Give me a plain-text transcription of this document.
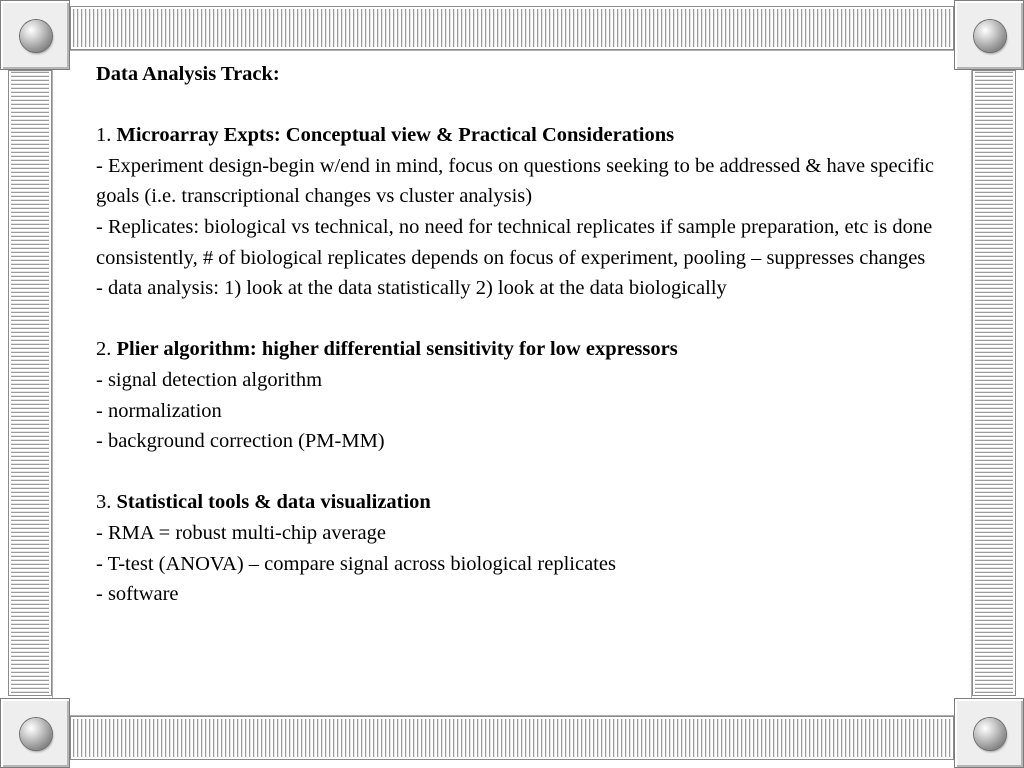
Data Analysis Track:

1. Microarray Expts: Conceptual view & Practical Considerations

- Experiment design-begin w/end in mind, focus on questions seeking to be addressed & have specific goals (i.e. transcriptional changes vs cluster analysis)

- Replicates: biological vs technical, no need for technical replicates if sample preparation, etc is done consistently, # of biological replicates depends on focus of experiment, pooling – suppresses changes

- data analysis: 1) look at the data statistically 2) look at the data biologically

2. Plier algorithm: higher differential sensitivity for low expressors

- signal detection algorithm

- normalization

- background correction (PM-MM)

3. Statistical tools & data visualization

- RMA = robust multi-chip average

- T-test (ANOVA) – compare signal across biological replicates

- software
